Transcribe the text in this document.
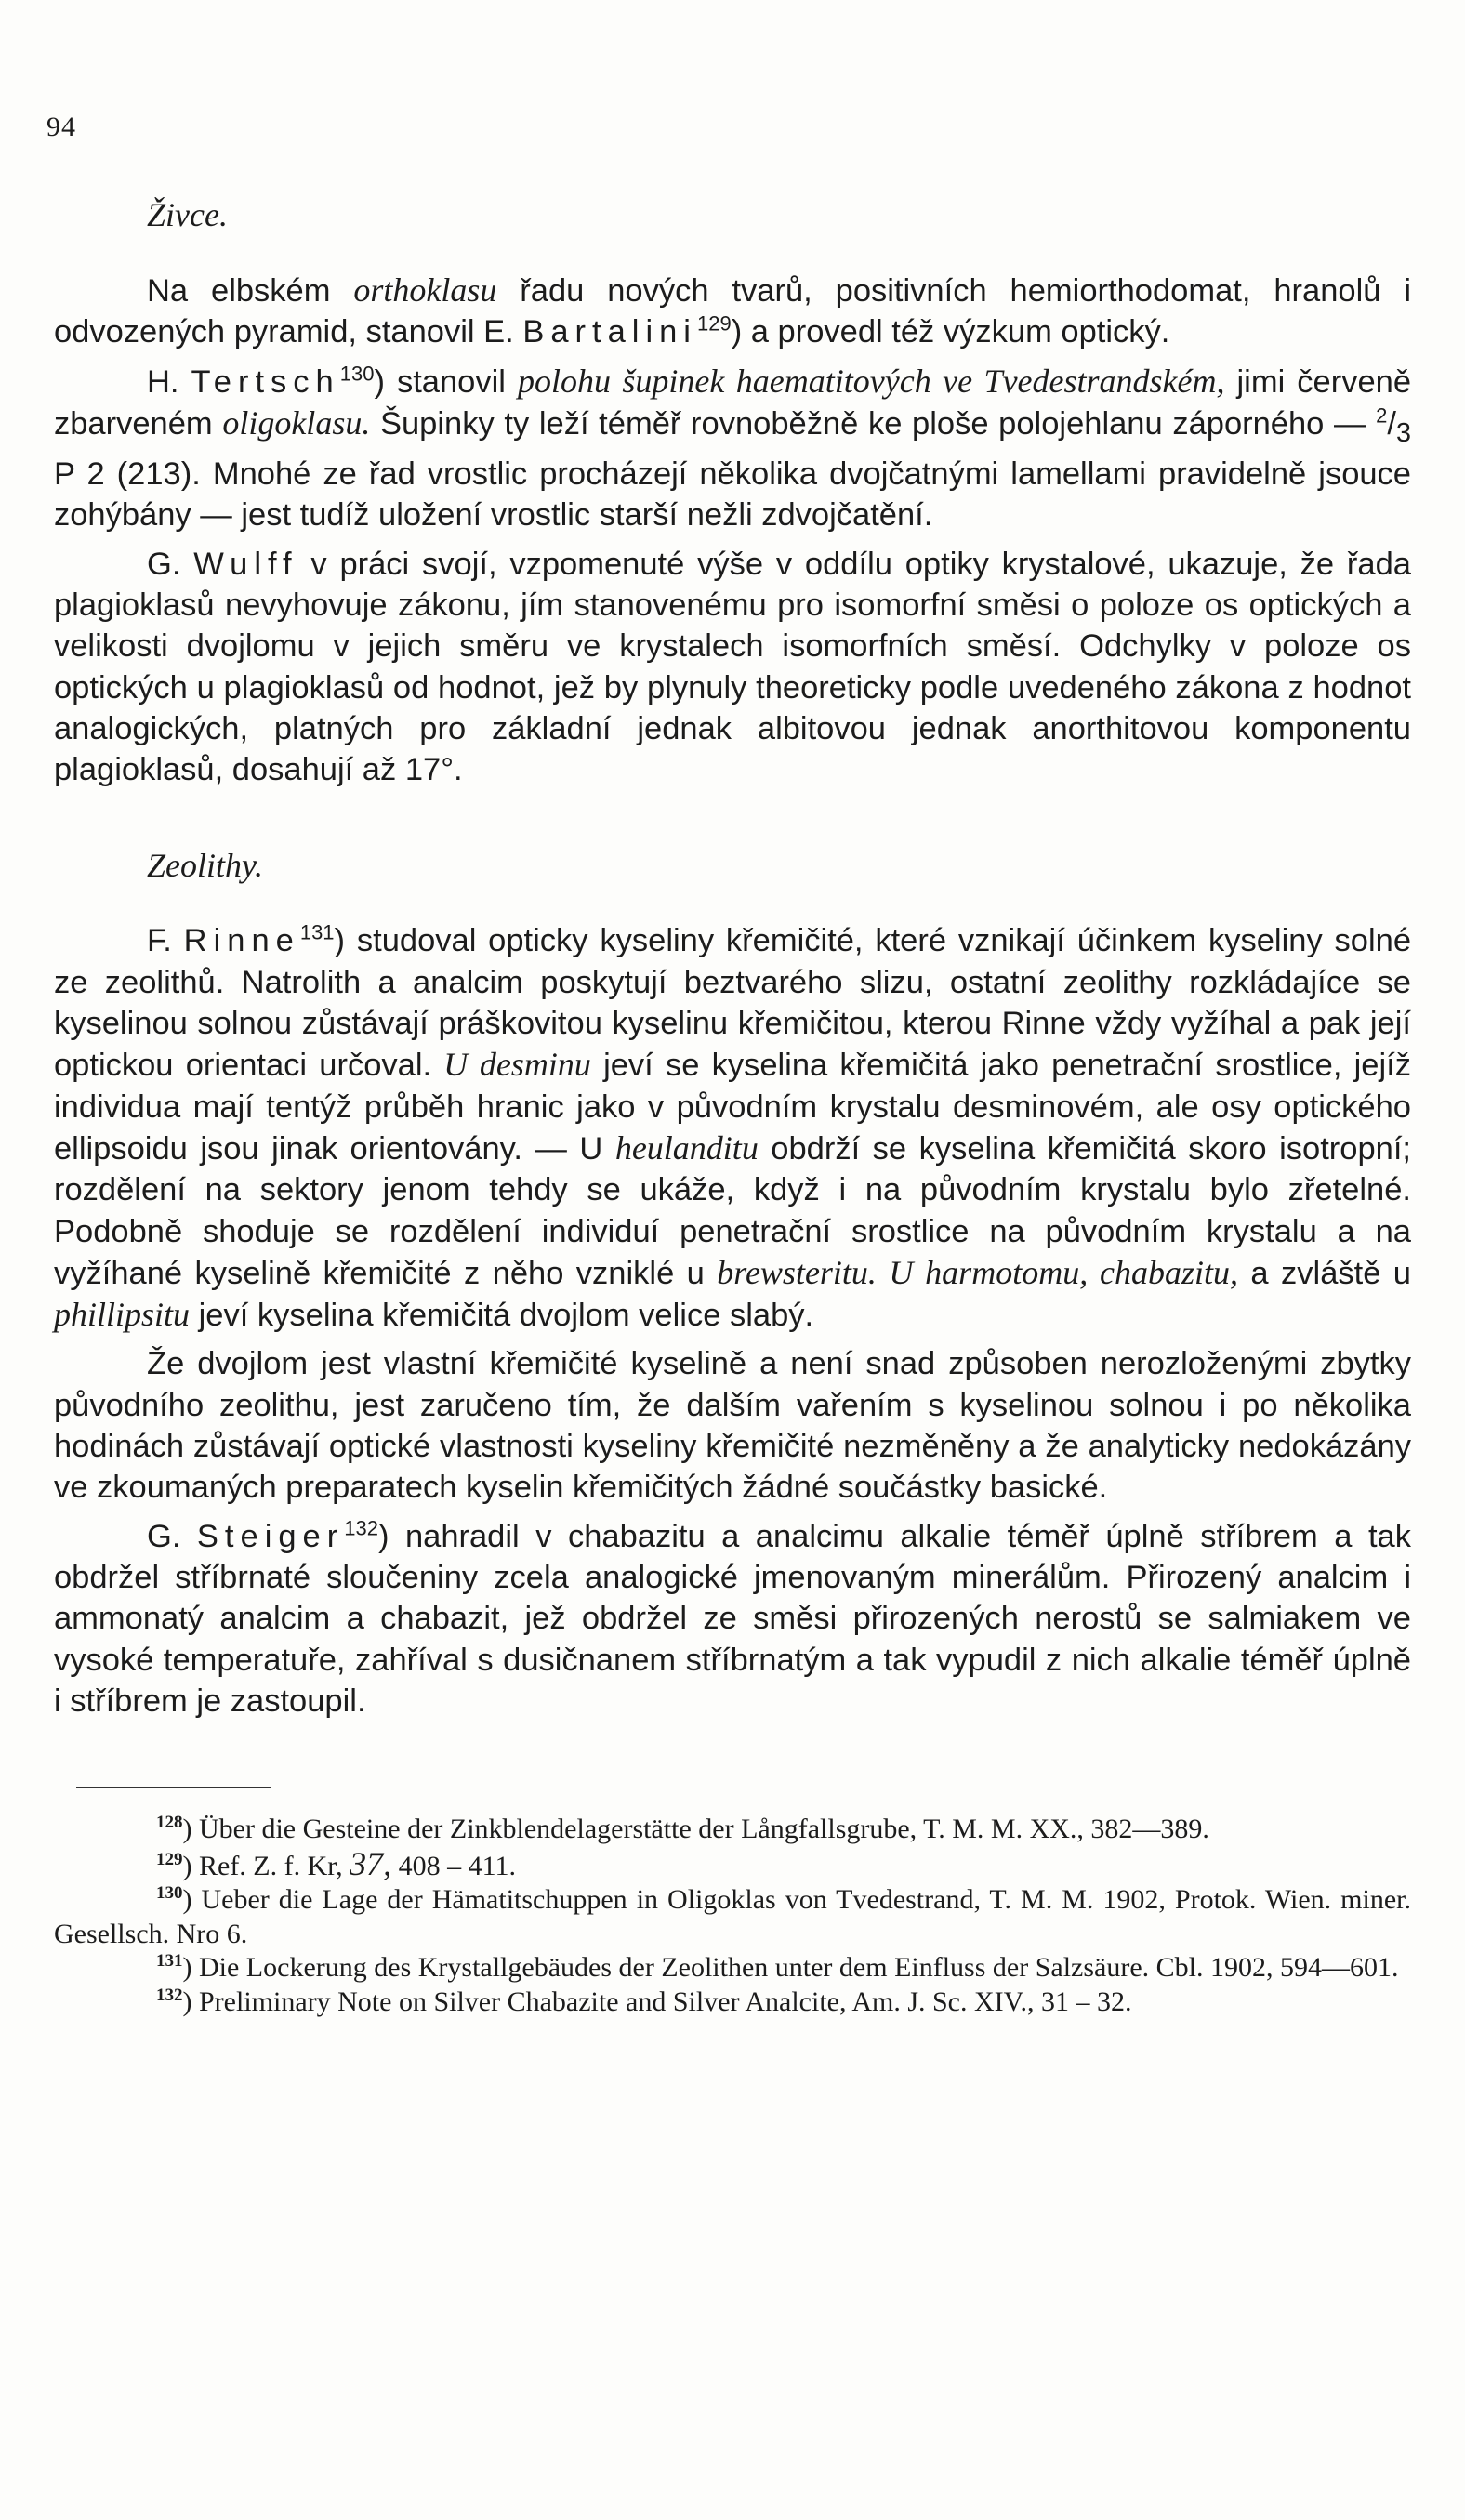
94
Živce.

Na elbském orthoklasu řadu nových tvarů, positivních hemiorthodomat, hranolů i odvozených pyramid, stanovil E. Bartalini$^{129}$) a provedl též výzkum optický.

H. Tertsch$^{130}$) stanovil polohu šupinek haematitových ve Tvedestrandském, jimi červeně zbarveném oligoklasu. Šupinky ty leží téměř rovnoběžně ke ploše polojehlanu záporného — $^2/_3$ P 2 (213). Mnohé ze řad vrostlic procházejí několika dvojčatnými lamellami pravidelně jsouce zohýbány — jest tudíž uložení vrostlic starší nežli zdvojčatění.

G. Wulff v práci svojí, vzpomenuté výše v oddílu optiky krystalové, ukazuje, že řada plagioklasů nevyhovuje zákonu, jím stanovenému pro isomorfní směsi o poloze os optických a velikosti dvojlomu v jejich směru ve krystalech isomorfních směsí. Odchylky v poloze os optických u plagioklasů od hodnot, jež by plynuly theoreticky podle uvedeného zákona z hodnot analogických, platných pro základní jednak albitovou jednak anorthitovou komponentu plagioklasů, dosahují až 17°.

Zeolithy.

F. Rinne$^{131}$) studoval opticky kyseliny křemičité, které vznikají účinkem kyseliny solné ze zeolithů. Natrolith a analcim poskytují beztvarého slizu, ostatní zeolithy rozkládajíce se kyselinou solnou zůstávají práškovitou kyselinu křemičitou, kterou Rinne vždy vyžíhal a pak její optickou orientaci určoval. U desminu jeví se kyselina křemičitá jako penetrační srostlice, jejíž individua mají tentýž průběh hranic jako v původním krystalu desminovém, ale osy optického ellipsoidu jsou jinak orientovány. — U heulanditu obdrží se kyselina křemičitá skoro isotropní; rozdělení na sektory jenom tehdy se ukáže, když i na původním krystalu bylo zřetelné. Podobně shoduje se rozdělení individuí penetrační srostlice na původním krystalu a na vyžíhané kyselině křemičité z něho vzniklé u brewsteritu. U harmotomu, chabazitu, a zvláště u phillipsitu jeví kyselina křemičitá dvojlom velice slabý.

Že dvojlom jest vlastní křemičité kyselině a není snad způsoben nerozloženými zbytky původního zeolithu, jest zaručeno tím, že dalším vařením s kyselinou solnou i po několika hodinách zůstávají optické vlastnosti kyseliny křemičité nezměněny a že analyticky nedokázány ve zkoumaných preparatech kyselin křemičitých žádné součástky basické.

G. Steiger$^{132}$) nahradil v chabazitu a analcimu alkalie téměř úplně stříbrem a tak obdržel stříbrnaté sloučeniny zcela analogické jmenovaným minerálům. Přirozený analcim i ammonatý analcim a chabazit, jež obdržel ze směsi přirozených nerostů se salmiakem ve vysoké temperatuře, zahříval s dusičnanem stříbrnatým a tak vypudil z nich alkalie téměř úplně i stříbrem je zastoupil.

$^{128}$) Über die Gesteine der Zinkblendelagerstätte der Långfallsgrube, T. M. M. XX., 382—389.

$^{129}$) Ref. Z. f. Kr, 37, 408 – 411.

$^{130}$) Ueber die Lage der Hämatitschuppen in Oligoklas von Tvedestrand, T. M. M. 1902, Protok. Wien. miner. Gesellsch. Nro 6.

$^{131}$) Die Lockerung des Krystallgebäudes der Zeolithen unter dem Einfluss der Salzsäure. Cbl. 1902, 594—601.

$^{132}$) Preliminary Note on Silver Chabazite and Silver Analcite, Am. J. Sc. XIV., 31 – 32.
